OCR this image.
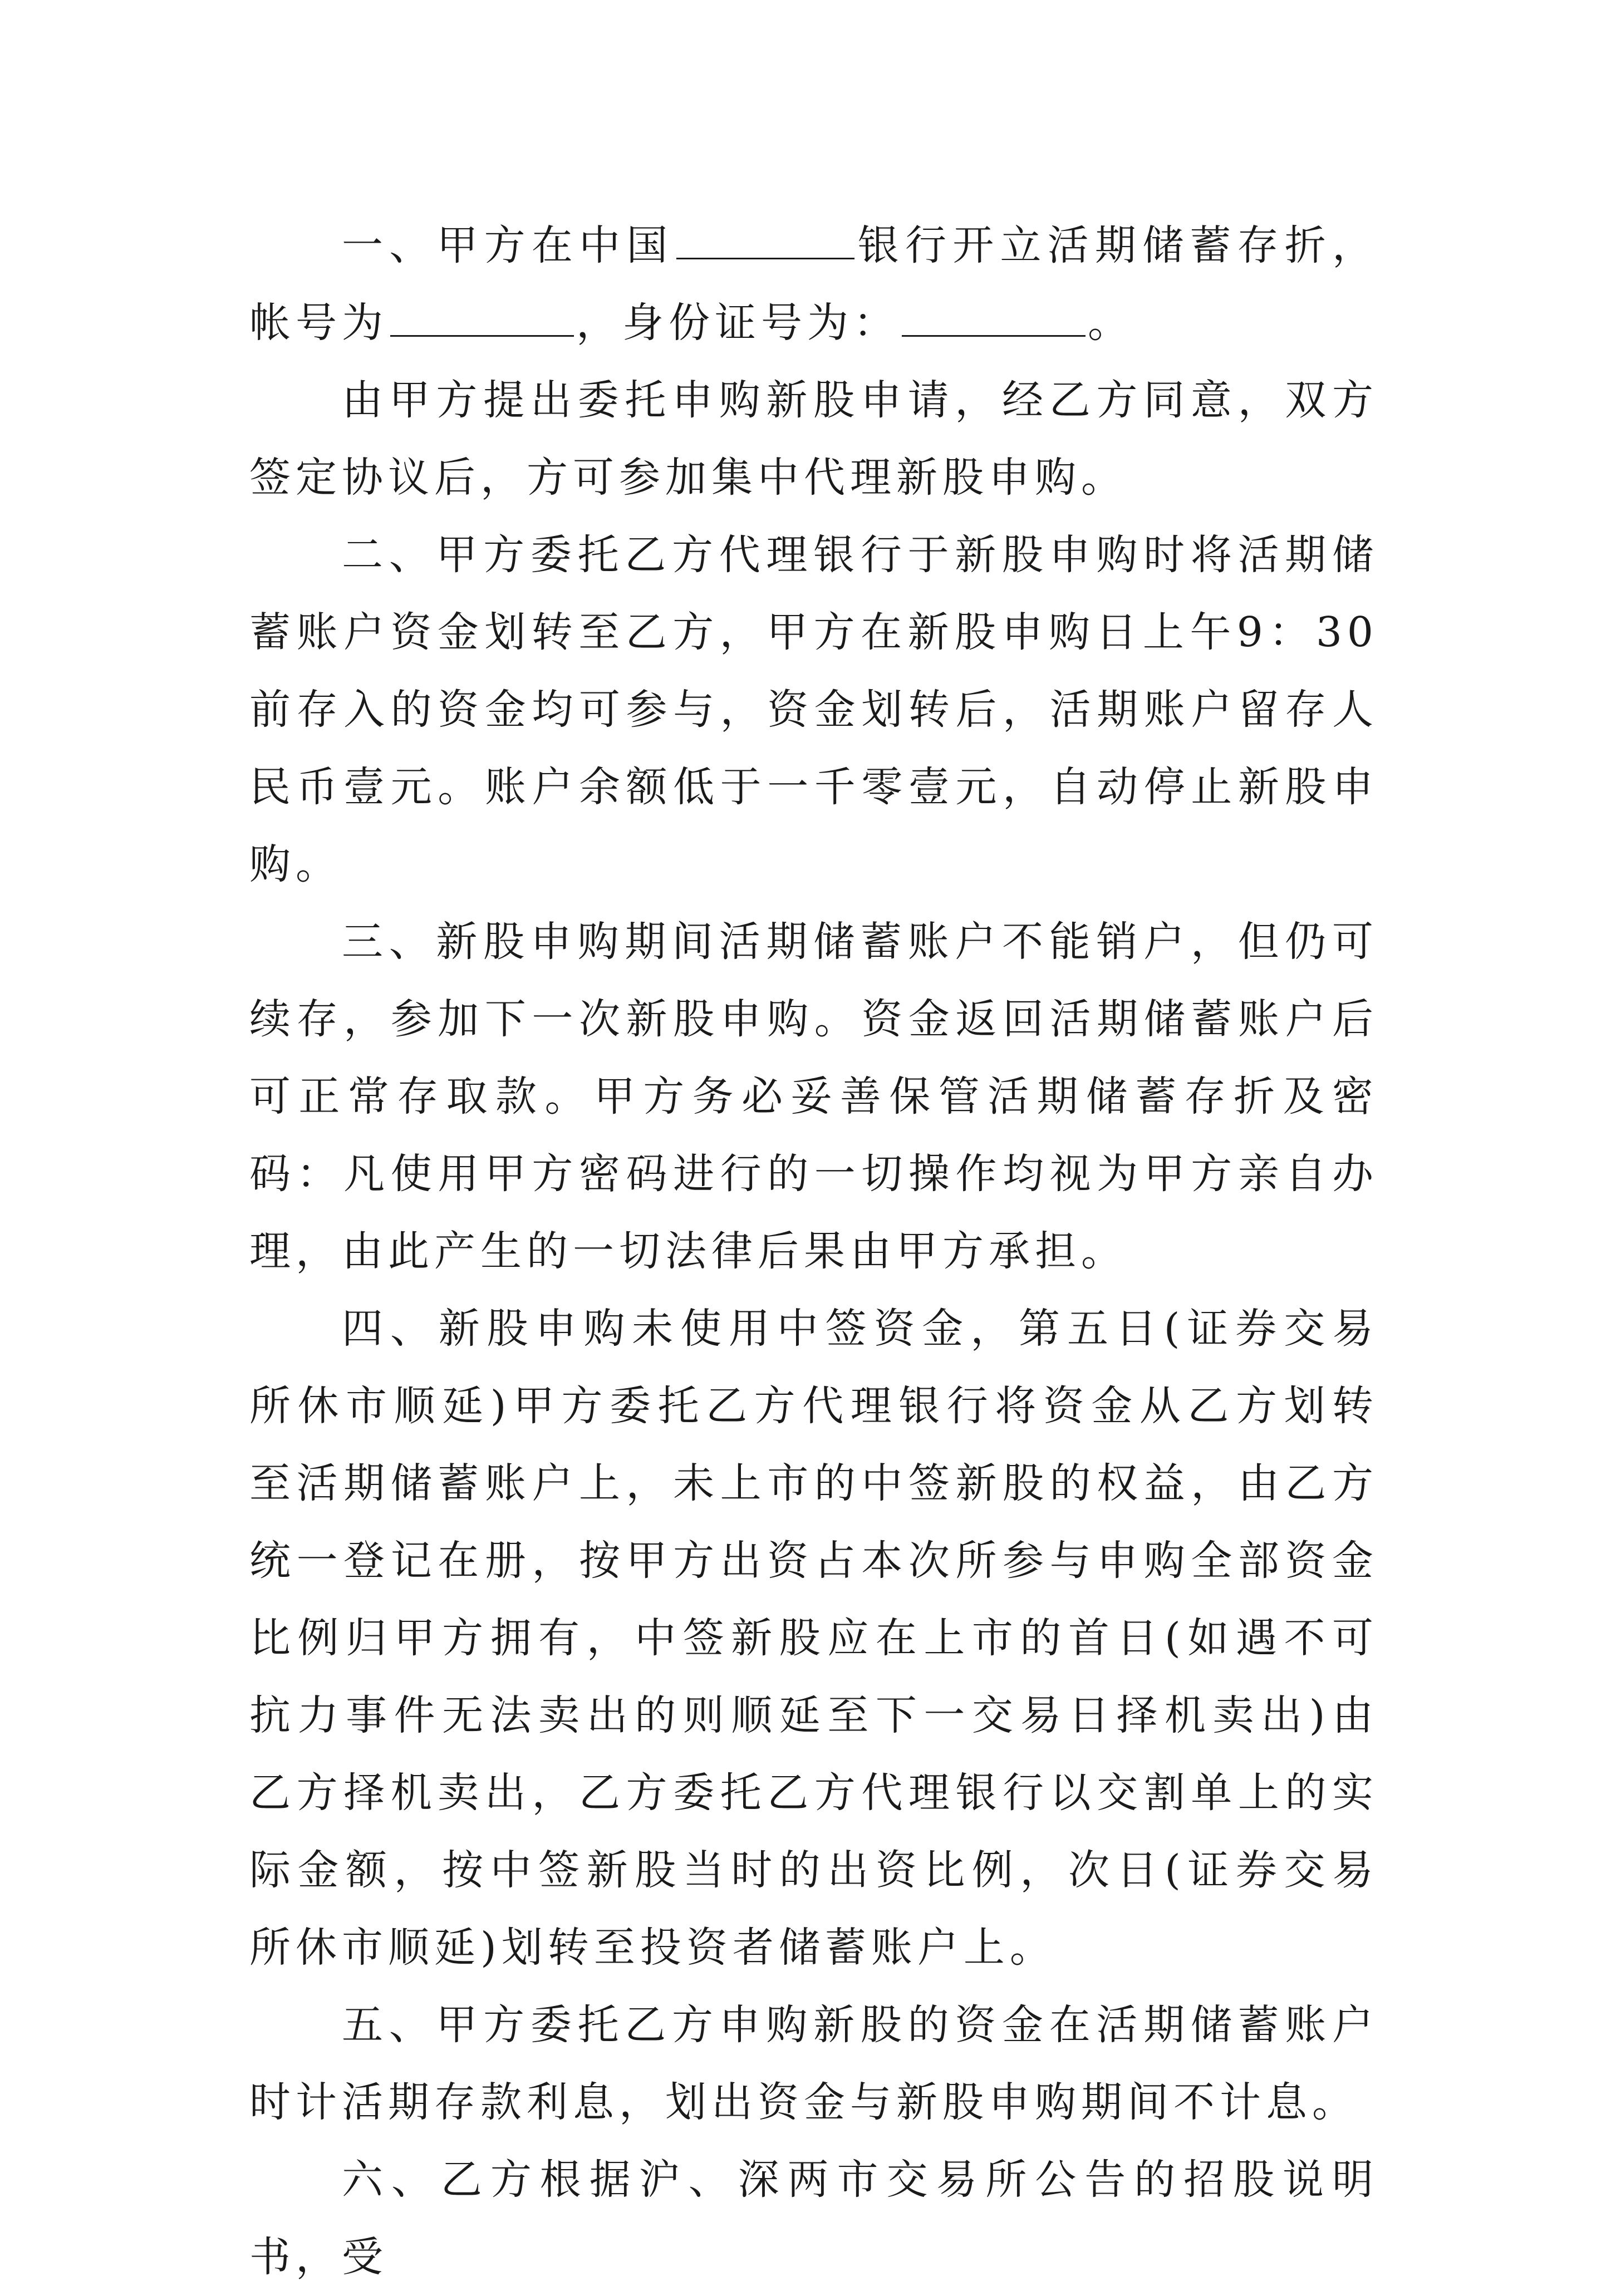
一、甲方在中国	银行开立活期储蓄存折，帐号为	，身份证号为：	。

由甲方提出委托申购新股申请，经乙方同意，双方签定协议后，方可参加集中代理新股申购。

二、甲方委托乙方代理银行于新股申购时将活期储蓄账户资金划转至乙方，甲方在新股申购日上午9：30前存入的资金均可参与，资金划转后，活期账户留存人民币壹元。账户余额低于一千零壹元，自动停止新股申购。

三、新股申购期间活期储蓄账户不能销户，但仍可续存，参加下一次新股申购。资金返回活期储蓄账户后可正常存取款。甲方务必妥善保管活期储蓄存折及密码：凡使用甲方密码进行的一切操作均视为甲方亲自办理，由此产生的一切法律后果由甲方承担。

四、新股申购未使用中签资金，第五日(证券交易所休市顺延)甲方委托乙方代理银行将资金从乙方划转至活期储蓄账户上，未上市的中签新股的权益，由乙方统一登记在册，按甲方出资占本次所参与申购全部资金比例归甲方拥有，中签新股应在上市的首日(如遇不可抗力事件无法卖出的则顺延至下一交易日择机卖出)由乙方择机卖出，乙方委托乙方代理银行以交割单上的实际金额，按中签新股当时的出资比例，次日(证券交易所休市顺延)划转至投资者储蓄账户上。

五、甲方委托乙方申购新股的资金在活期储蓄账户时计活期存款利息，划出资金与新股申购期间不计息。

六、乙方根据沪、深两市交易所公告的招股说明书，受
